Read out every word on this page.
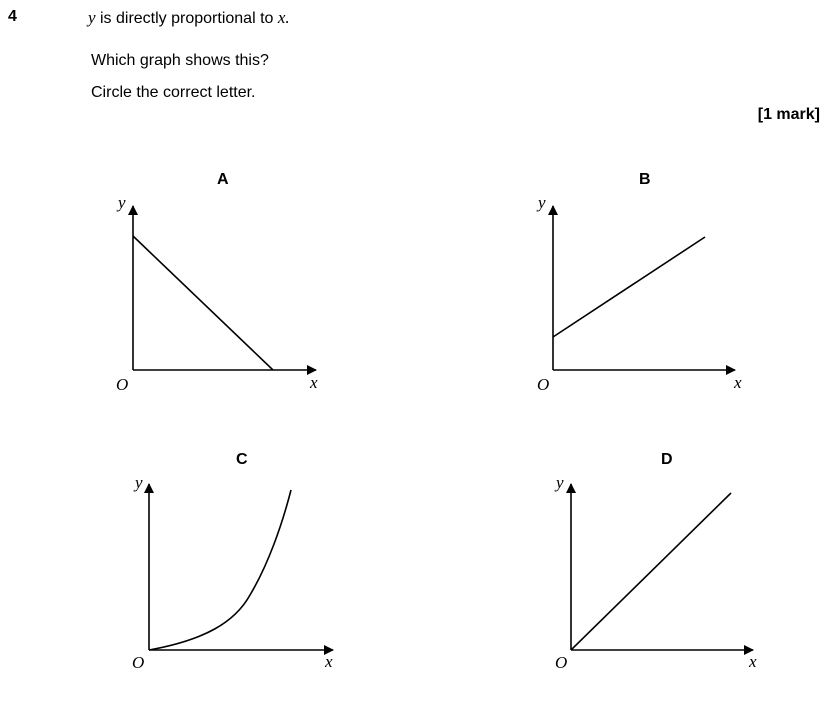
4	y is directly proportional to x.
Which graph shows this?
Circle the correct letter.
[1 mark]
A
O
y
x
B
O
y
x
C
O
y
x
D
O
y
x
